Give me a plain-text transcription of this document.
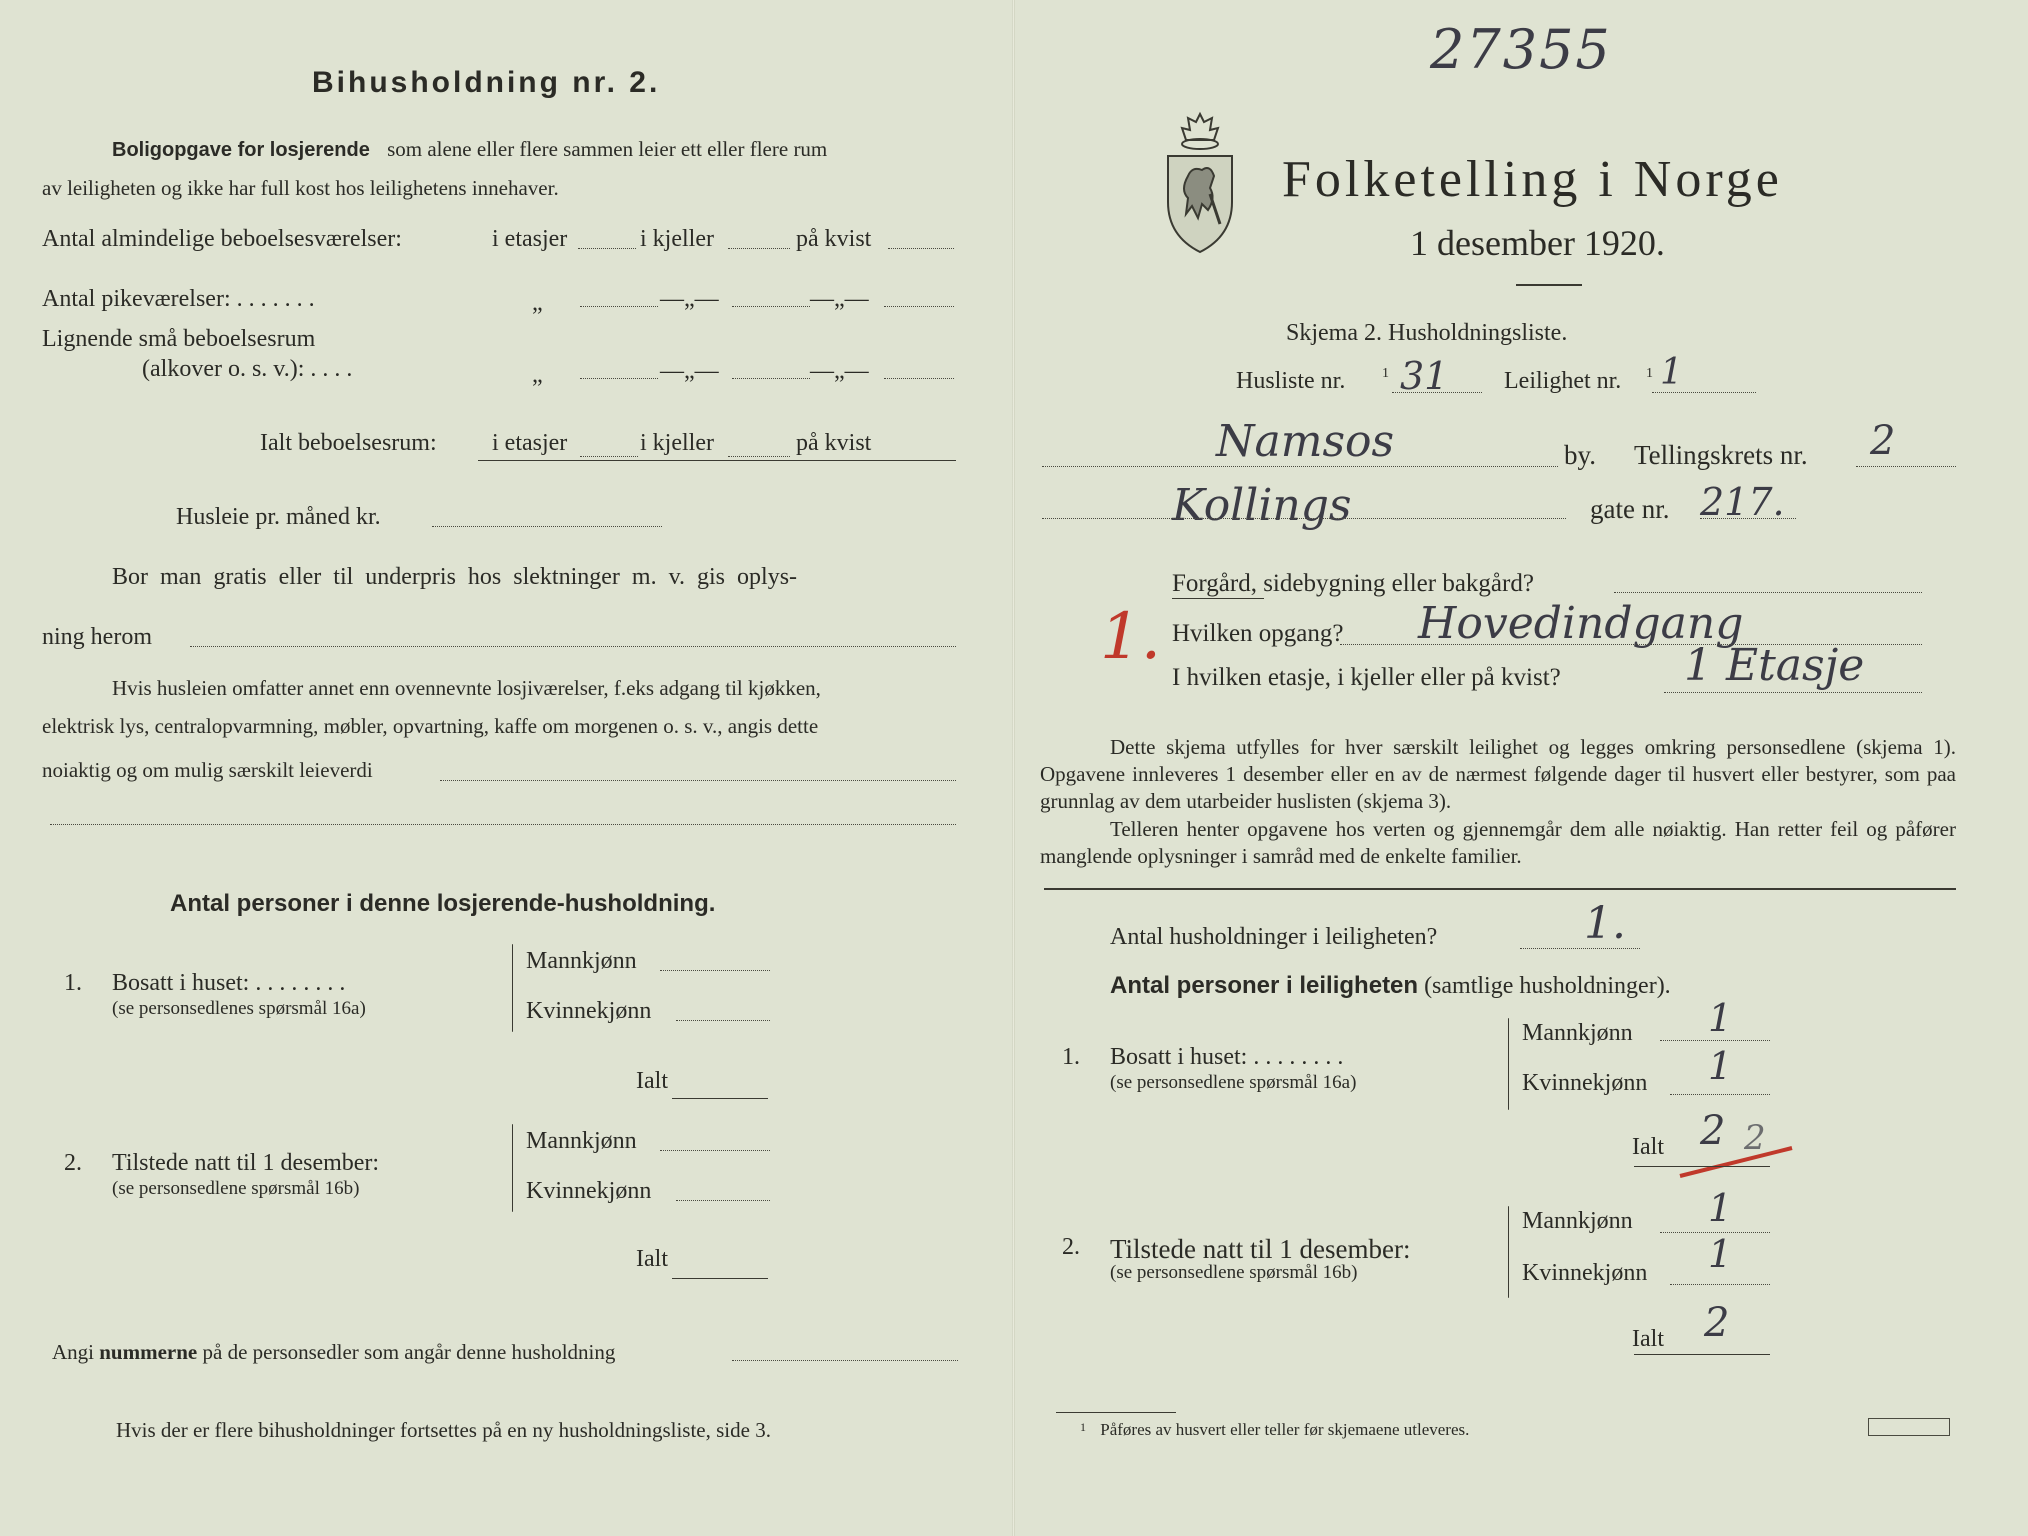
Bihusholdning nr. 2.
Boligopgave for losjerende som alene eller flere sammen leier ett eller flere rum
av leiligheten og ikke har full kost hos leilighetens innehaver.
Antal almindelige beboelsesværelser:	i etasjer	i kjeller	på kvist
Antal pikeværelser: . . . . . . .	„	—„—	—„—
Lignende små beboelsesrum
(alkover o. s. v.): . . . .	„	—„—	—„—
Ialt beboelsesrum: i etasjer	i kjeller	på kvist
Husleie pr. måned kr.
Bor man gratis eller til underpris hos slektninger m. v. gis oplys-
ning herom
Hvis husleien omfatter annet enn ovennevnte losjiværelser, f.eks adgang til kjøkken,
elektrisk lys, centralopvarmning, møbler, opvartning, kaffe om morgenen o. s. v., angis dette
noiaktig og om mulig særskilt leieverdi
Antal personer i denne losjerende-husholdning.
1. Bosatt i huset: . . . . . . . .
(se personsedlenes spørsmål 16a)
Mannkjønn
Kvinnekjønn
Ialt
2. Tilstede natt til 1 desember:
(se personsedlene spørsmål 16b)
Mannkjønn
Kvinnekjønn
Ialt
Angi nummerne på de personsedler som angår denne husholdning
Hvis der er flere bihusholdninger fortsettes på en ny husholdningsliste, side 3.
27355
Folketelling i Norge
1 desember 1920.
Skjema 2. Husholdningsliste.
Husliste nr.	1 31 Leilighet nr. 1 1
Namsos	by. Tellingskrets nr. 2
Kollings	gate nr. 217.
Forgård, sidebygning eller bakgård?
1. Hvilken opgang? Hovedindgang
I hvilken etasje, i kjeller eller på kvist?	1 Etasje
Dette skjema utfylles for hver særskilt leilighet og legges omkring personsedlene (skjema 1). Opgavene innleveres 1 desember eller en av de nærmest følgende dager til husvert eller bestyrer, som paa grunnlag av dem utarbeider huslisten (skjema 3).
Telleren henter opgavene hos verten og gjennemgår dem alle nøiaktig. Han retter feil og påfører manglende oplysninger i samråd med de enkelte familier.
Antal husholdninger i leiligheten?	1.
Antal personer i leiligheten (samtlige husholdninger).
1. Bosatt i huset: . . . . . . . .
(se personsedlene spørsmål 16a)
Mannkjønn 1
Kvinnekjønn 1
Ialt 2 2
2. Tilstede natt til 1 desember:
(se personsedlene spørsmål 16b)
Mannkjønn 1
Kvinnekjønn 1
Ialt 2
$^1$ Påføres av husvert eller teller før skjemaene utleveres.
